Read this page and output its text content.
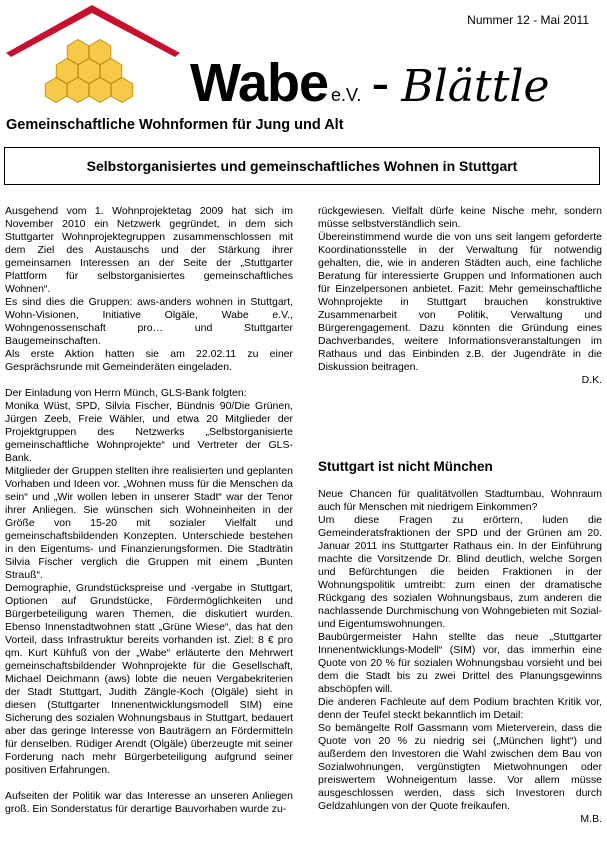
Nummer 12 - Mai 2011
Wabe e.V. - Blättle
Gemeinschaftliche Wohnformen für Jung und Alt
Selbstorganisiertes und gemeinschaftliches Wohnen in Stuttgart

Ausgehend vom 1. Wohnprojektetag 2009 hat sich im November 2010 ein Netzwerk gegründet, in dem sich Stuttgarter Wohnprojektegruppen zusammenschlossen mit dem Ziel des Austauschs und der Stärkung ihrer gemeinsamen Interessen an der Seite der „Stuttgarter Plattform für selbstorganisiertes gemeinschaftliches Wohnen“.

Es sind dies die Gruppen: aws-anders wohnen in Stuttgart, Wohn-Visionen, Initiative Olgäle, Wabe e.V., Wohngenossenschaft pro… und Stuttgarter Baugemeinschaften.

Als erste Aktion hatten sie am 22.02.11 zu einer Gesprächsrunde mit Gemeinderäten eingeladen.

Der Einladung von Herrn Münch, GLS-Bank folgten:

Monika Wüst, SPD, Silvia Fischer, Bündnis 90/Die Grünen, Jürgen Zeeb, Freie Wähler, und etwa 20 Mitglieder der Projektgruppen des Netzwerks „Selbstorganisierte gemeinschaftliche Wohnprojekte“ und Vertreter der GLS-Bank.

Mitglieder der Gruppen stellten ihre realisierten und geplanten Vorhaben und Ideen vor. „Wohnen muss für die Menschen da sein“ und „Wir wollen leben in unserer Stadt“ war der Tenor ihrer Anliegen. Sie wünschen sich Wohneinheiten in der Größe von 15-20 mit sozialer Vielfalt und gemeinschaftsbildenden Konzepten. Unterschiede bestehen in den Eigentums- und Finanzierungsformen. Die Stadträtin Silvia Fischer verglich die Gruppen mit einem „Bunten Strauß“.

Demographie, Grundstückspreise und -vergabe in Stuttgart, Optionen auf Grundstücke, Fördermöglichkeiten und Bürgerbeteiligung waren Themen, die diskutiert wurden. Ebenso Innenstadtwohnen statt „Grüne Wiese“, das hat den Vorteil, dass Infrastruktur bereits vorhanden ist. Ziel: 8 € pro qm. Kurt Kühfuß von der „Wabe“ erläuterte den Mehrwert gemeinschaftsbildender Wohnprojekte für die Gesellschaft, Michael Deichmann (aws) lobte die neuen Vergabekriterien der Stadt Stuttgart, Judith Zängle-Koch (Olgäle) sieht in diesen (Stuttgarter Innenentwicklungsmodell SIM) eine Sicherung des sozialen Wohnungsbaus in Stuttgart, bedauert aber das geringe Interesse von Bauträgern an Fördermitteln für denselben. Rüdiger Arendt (Olgäle) überzeugte mit seiner Forderung nach mehr Bürgerbeteiligung aufgrund seiner positiven Erfahrungen.

Aufseiten der Politik war das Interesse an unseren Anliegen groß. Ein Sonderstatus für derartige Bauvorhaben wurde zu-

rückgewiesen. Vielfalt dürfe keine Nische mehr, sondern müsse selbstverständlich sein.

Übereinstimmend wurde die von uns seit langem geforderte Koordinationsstelle in der Verwaltung für notwendig gehalten, die, wie in anderen Städten auch, eine fachliche Beratung für interessierte Gruppen und Informationen auch für Einzelpersonen anbietet. Fazit: Mehr gemeinschaftliche Wohnprojekte in Stuttgart brauchen konstruktive Zusammenarbeit von Politik, Verwaltung und Bürgerengagement. Dazu könnten die Gründung eines Dachverbandes, weitere Informationsveranstaltungen im Rathaus und das Einbinden z.B. der Jugendräte in die Diskussion beitragen.

D.K.

Stuttgart ist nicht München

Neue Chancen für qualitätvollen Stadtumbau, Wohnraum auch für Menschen mit niedrigem Einkommen?

Um diese Fragen zu erörtern, luden die Gemeinderatsfraktionen der SPD und der Grünen am 20. Januar 2011 ins Stuttgarter Rathaus ein. In der Einführung machte die Vorsitzende Dr. Blind deutlich, welche Sorgen und Befürchtungen die beiden Fraktionen in der Wohnungspolitik umtreibt: zum einen der dramatische Rückgang des sozialen Wohnungsbaus, zum anderen die nachlassende Durchmischung von Wohngebieten mit Sozial- und Eigentumswohnungen.

Baubürgermeister Hahn stellte das neue „Stuttgarter Innenentwicklungs-Modell“ (SIM) vor, das immerhin eine Quote von 20 % für sozialen Wohnungsbau vorsieht und bei dem die Stadt bis zu zwei Drittel des Planungsgewinns abschöpfen will.

Die anderen Fachleute auf dem Podium brachten Kritik vor, denn der Teufel steckt bekanntlich im Detail:

So bemängelte Rolf Gassmann vom Mieterverein, dass die Quote von 20 % zu niedrig sei („München light“) und außerdem den Investoren die Wahl zwischen dem Bau von Sozialwohnungen, vergünstigten Mietwohnungen oder preiswertem Wohneigentum lasse. Vor allem müsse ausgeschlossen werden, dass sich Investoren durch Geldzahlungen von der Quote freikaufen.

M.B.
